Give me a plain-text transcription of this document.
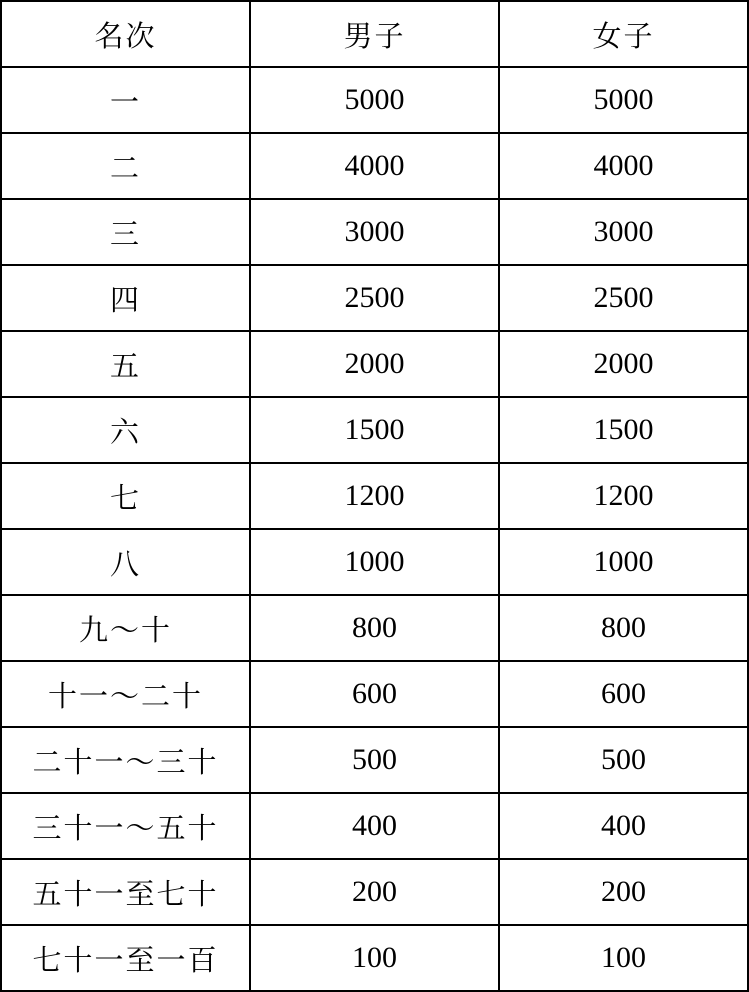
名次	男子	女子
一	5000	5000
二	4000	4000
三	3000	3000
四	2500	2500
五	2000	2000
六	1500	1500
七	1200	1200
八	1000	1000
九～十	800	800
十一～二十	600	600
二十一～三十	500	500
三十一～五十	400	400
五十一至七十	200	200
七十一至一百	100	100
